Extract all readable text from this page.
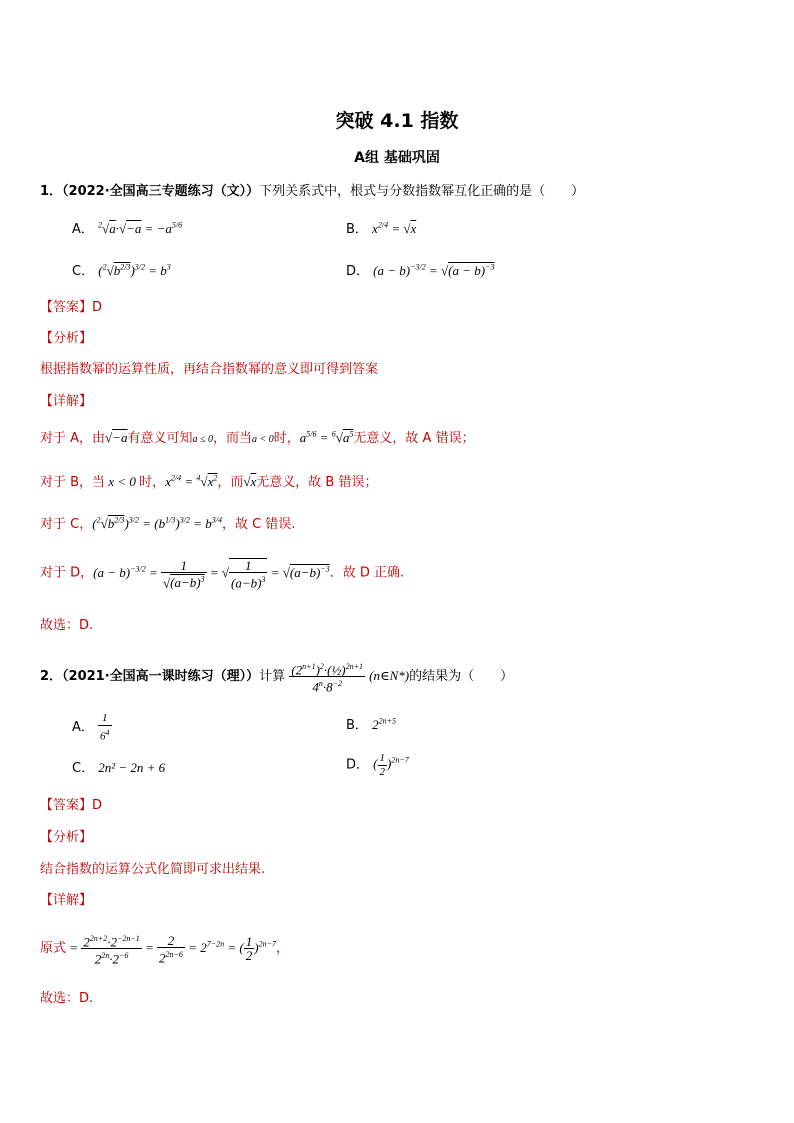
突破 4.1 指数
A组 基础巩固
1．（2022·全国高三专题练习（文））下列关系式中，根式与分数指数幂互化正确的是（　　）
A． $^2√a\cdot√-a = -a^{5/6}$	B． $x^{2/4} = √x$
C． $(^2√b^{2/3})^{3/2} = b^3$	D． $(a - b)^{-3/2} = √(a - b)^{-3}$
【答案】D
【分析】
根据指数幂的运算性质，再结合指数幂的意义即可得到答案
【详解】
对于 A，由√−a有意义可知a ≤ 0，而当a < 0时，$a^{5/6} = ^6√a^5$无意义，故 A 错误；
对于 B，当 x < 0 时，$x^{2/4} = ^4√x^2$，而√x无意义，故 B 错误；
对于 C，$(^2√b^{2/3})^{3/2} = (b^{1/3})^{3/2} = b^{3/4}$，故 C 错误.
对于 D，$(a - b)^{-3/2} = \frac{1}{√(a-b)^3}$ = √ $\frac{1}{(a-b)^3} = √(a-b)^{-3}$．故 D 正确.
故选：D.
2．（2021·全国高一课时练习（理））计算 $\frac{(2^{n+1})^2\cdot(\frac{1}{2})^{2n+1}}{4^n\cdot 8^{-2}}$ (n∈N*)的结果为（　　）
A． $\frac{1}{6^4}$	B． $2^{2n+5}$
C． 2n² − 2n + 6	D． ( $\frac{1}{2} )^{2n-7}$
【答案】D
【分析】
结合指数的运算公式化简即可求出结果.
【详解】
原式 = $\frac{2^{2n+2}\cdot 2^{-2n-1}}{2^{2n}\cdot 2^{-6}} = \frac{2}{2^{2n-6}} = 2^{7-2n}$ = ( $\frac{1}{2} )^{2n-7}$，
故选：D.
